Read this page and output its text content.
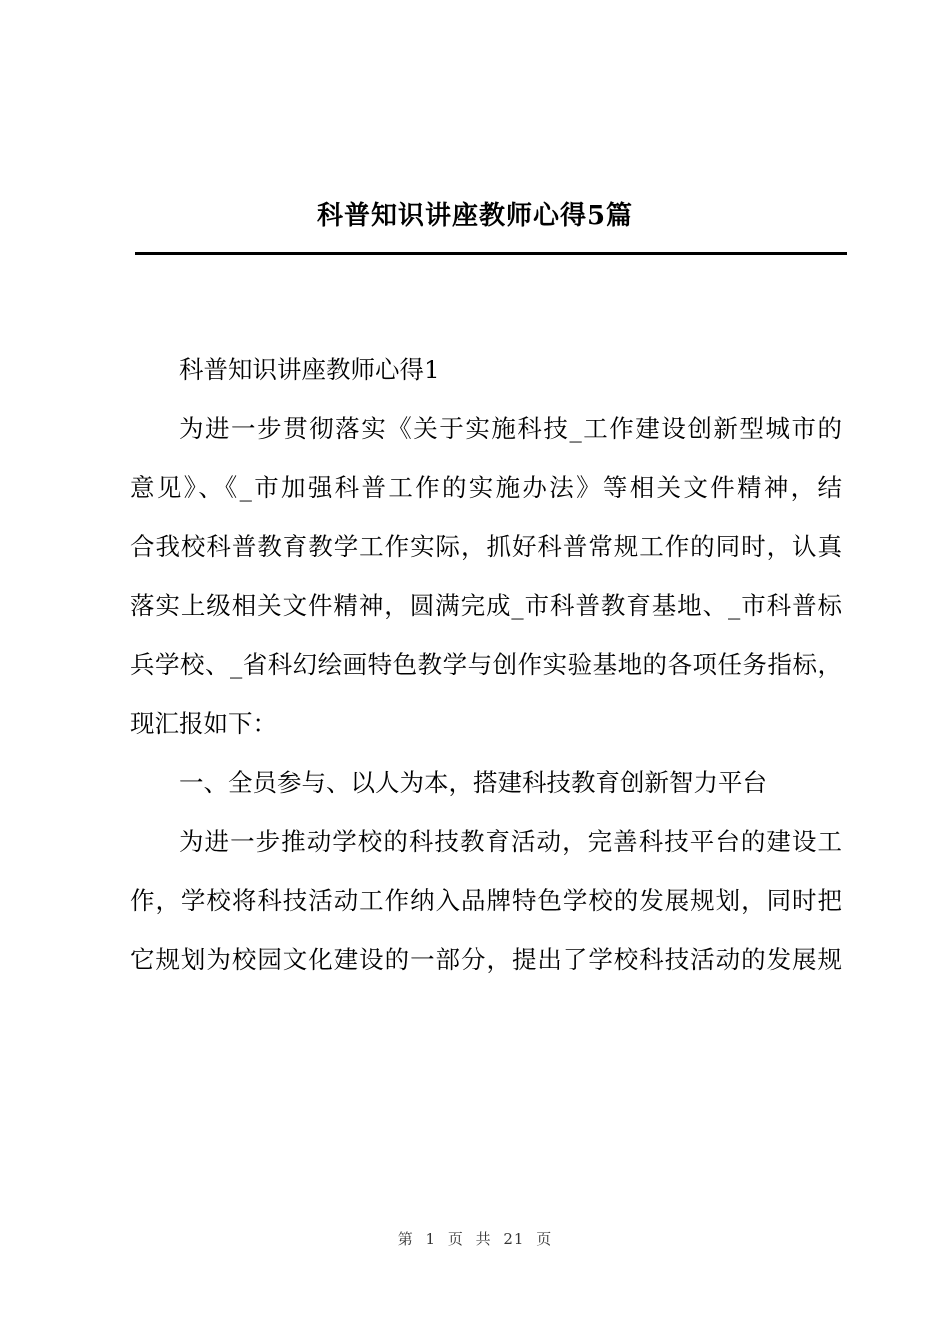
科普知识讲座教师心得5篇
科普知识讲座教师心得1
为进一步贯彻落实《关于实施科技_工作建设创新型城市的
意见》、《_市加强科普工作的实施办法》等相关文件精神，结
合我校科普教育教学工作实际，抓好科普常规工作的同时，认真
落实上级相关文件精神，圆满完成_市科普教育基地、_市科普标
兵学校、_省科幻绘画特色教学与创作实验基地的各项任务指标，
现汇报如下：
一、全员参与、以人为本，搭建科技教育创新智力平台
为进一步推动学校的科技教育活动，完善科技平台的建设工
作，学校将科技活动工作纳入品牌特色学校的发展规划，同时把
它规划为校园文化建设的一部分，提出了学校科技活动的发展规
第 1 页 共 21 页
